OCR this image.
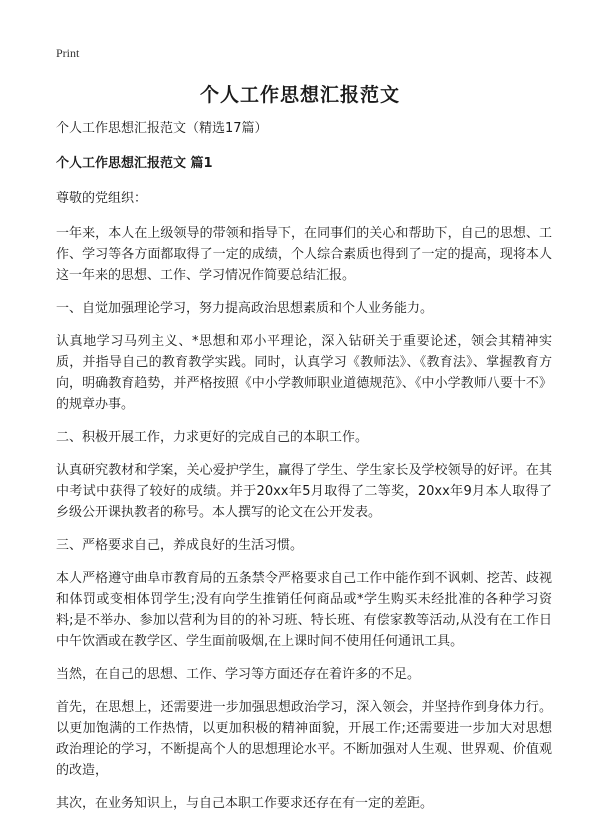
Print
个人工作思想汇报范文

个人工作思想汇报范文（精选17篇）

个人工作思想汇报范文 篇1

尊敬的党组织：

一年来，本人在上级领导的带领和指导下，在同事们的关心和帮助下，自己的思想、工作、学习等各方面都取得了一定的成绩，个人综合素质也得到了一定的提高，现将本人这一年来的思想、工作、学习情况作简要总结汇报。

一、自觉加强理论学习，努力提高政治思想素质和个人业务能力。

认真地学习马列主义、*思想和邓小平理论，深入钻研关于重要论述，领会其精神实质，并指导自己的教育教学实践。同时，认真学习《教师法》、《教育法》、掌握教育方向，明确教育趋势，并严格按照《中小学教师职业道德规范》、《中小学教师八要十不》的规章办事。

二、积极开展工作，力求更好的完成自己的本职工作。

认真研究教材和学案，关心爱护学生，赢得了学生、学生家长及学校领导的好评。在其中考试中获得了较好的成绩。并于20xx年5月取得了二等奖，20xx年9月本人取得了乡级公开课执教者的称号。本人撰写的论文在公开发表。

三、严格要求自己，养成良好的生活习惯。

本人严格遵守曲阜市教育局的五条禁令严格要求自己工作中能作到不讽刺、挖苦、歧视和体罚或变相体罚学生;没有向学生推销任何商品或*学生购买未经批准的各种学习资料;是不举办、参加以营利为目的的补习班、特长班、有偿家教等活动,从没有在工作日中午饮酒或在教学区、学生面前吸烟,在上课时间不使用任何通讯工具。

当然，在自己的思想、工作、学习等方面还存在着许多的不足。

首先，在思想上，还需要进一步加强思想政治学习，深入领会，并坚持作到身体力行。以更加饱满的工作热情，以更加积极的精神面貌，开展工作;还需要进一步加大对思想政治理论的学习，不断提高个人的思想理论水平。不断加强对人生观、世界观、价值观的改造，

其次，在业务知识上，与自己本职工作要求还存在有一定的差距。
